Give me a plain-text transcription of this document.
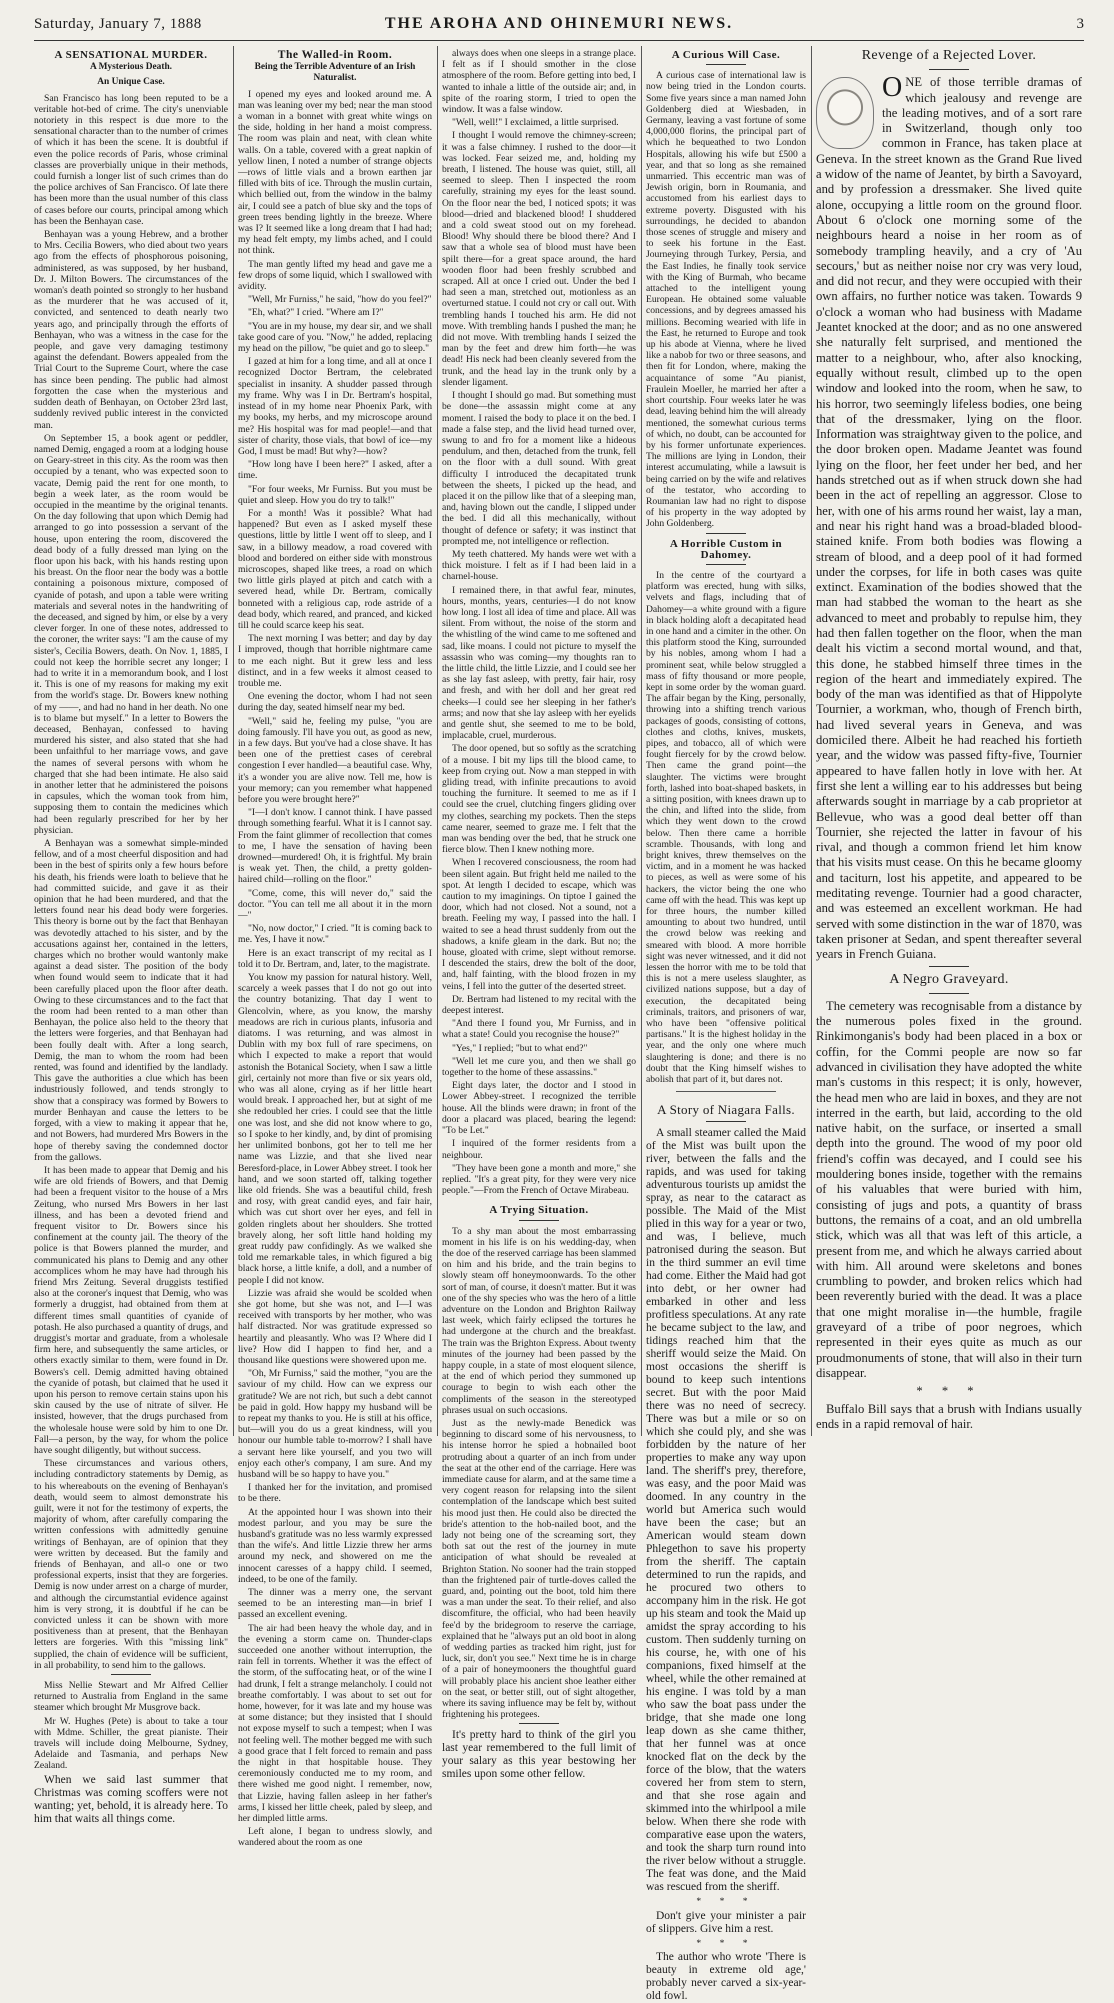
Saturday, January 7, 1888	THE AROHA AND OHINEMURI NEWS.	3
A SENSATIONAL MURDER.
A Mysterious Death.
An Unique Case.

San Francisco has long been reputed to be a veritable hot-bed of crime. The city's unenviable notoriety in this respect is due more to the sensational character than to the number of crimes of which it has been the scene. It is doubtful if even the police records of Paris, whose criminal classes are proverbially unique in their methods, could furnish a longer list of such crimes than do the police archives of San Francisco. Of late there has been more than the usual number of this class of cases before our courts, principal among which has been the Benhayan case.

Benhayan was a young Hebrew, and a brother to Mrs. Cecilia Bowers, who died about two years ago from the effects of phosphorous poisoning, administered, as was supposed, by her husband, Dr. J. Milton Bowers. The circumstances of the woman's death pointed so strongly to her husband as the murderer that he was accused of it, convicted, and sentenced to death nearly two years ago, and principally through the efforts of Benhayan, who was a witness in the case for the people, and gave very damaging testimony against the defendant. Bowers appealed from the Trial Court to the Supreme Court, where the case has since been pending. The public had almost forgotten the case when the mysterious and sudden death of Benhayan, on October 23rd last, suddenly revived public interest in the convicted man.

On September 15, a book agent or peddler, named Demig, engaged a room at a lodging house on Geary-street in this city. As the room was then occupied by a tenant, who was expected soon to vacate, Demig paid the rent for one month, to begin a week later, as the room would be occupied in the meantime by the original tenants. On the day following that upon which Demig had arranged to go into possession a servant of the house, upon entering the room, discovered the dead body of a fully dressed man lying on the floor upon his back, with his hands resting upon his breast. On the floor near the body was a bottle containing a poisonous mixture, composed of cyanide of potash, and upon a table were writing materials and several notes in the handwriting of the deceased, and signed by him, or else by a very clever forger. In one of these notes, addressed to the coroner, the writer says: "I am the cause of my sister's, Cecilia Bowers, death. On Nov. 1, 1885, I could not keep the horrible secret any longer; I had to write it in a memorandum book, and I lost it. This is one of my reasons for making my exit from the world's stage. Dr. Bowers knew nothing of my ——, and had no hand in her death. No one is to blame but myself." In a letter to Bowers the deceased, Benhayan, confessed to having murdered his sister, and also stated that she had been unfaithful to her marriage vows, and gave the names of several persons with whom he charged that she had been intimate. He also said in another letter that he administered the poisons in capsules, which the woman took from him, supposing them to contain the medicines which had been regularly prescribed for her by her physician.

A Benhayan was a somewhat simple-minded fellow, and of a most cheerful disposition and had been in the best of spirits only a few hours before his death, his friends were loath to believe that he had committed suicide, and gave it as their opinion that he had been murdered, and that the letters found near his dead body were forgeries. This theory is borne out by the fact that Benhayan was devotedly attached to his sister, and by the accusations against her, contained in the letters, charges which no brother would wantonly make against a dead sister. The position of the body when found would seem to indicate that it had been carefully placed upon the floor after death. Owing to these circumstances and to the fact that the room had been rented to a man other than Benhayan, the police also held to the theory that the letters were forgeries, and that Benhayan had been foully dealt with. After a long search, Demig, the man to whom the room had been rented, was found and identified by the landlady. This gave the authorities a clue which has been industriously followed, and tends strongly to show that a conspiracy was formed by Bowers to murder Benhayan and cause the letters to be forged, with a view to making it appear that he, and not Bowers, had murdered Mrs Bowers in the hope of thereby saving the condemned doctor from the gallows.

It has been made to appear that Demig and his wife are old friends of Bowers, and that Demig had been a frequent visitor to the house of a Mrs Zeitung, who nursed Mrs Bowers in her last illness, and has been a devoted friend and frequent visitor to Dr. Bowers since his confinement at the county jail. The theory of the police is that Bowers planned the murder, and communicated his plans to Demig and any other accomplices whom he may have had through his friend Mrs Zeitung. Several druggists testified also at the coroner's inquest that Demig, who was formerly a druggist, had obtained from them at different times small quantities of cyanide of potash. He also purchased a quantity of drugs, and druggist's mortar and graduate, from a wholesale firm here, and subsequently the same articles, or others exactly similar to them, were found in Dr. Bowers's cell. Demig admitted having obtained the cyanide of potash, but claimed that he used it upon his person to remove certain stains upon his skin caused by the use of nitrate of silver. He insisted, however, that the drugs purchased from the wholesale house were sold by him to one Dr. Fall—a person, by the way, for whom the police have sought diligently, but without success.

These circumstances and various others, including contradictory statements by Demig, as to his whereabouts on the evening of Benhayan's death, would seem to almost demonstrate his guilt, were it not for the testimony of experts, the majority of whom, after carefully comparing the written confessions with admittedly genuine writings of Benhayan, are of opinion that they were written by deceased. But the family and friends of Benhayan, and all-o one or two professional experts, insist that they are forgeries. Demig is now under arrest on a charge of murder, and although the circumstantial evidence against him is very strong, it is doubtful if he can be convicted unless it can be shown with more positiveness than at present, that the Benhayan letters are forgeries. With this "missing link" supplied, the chain of evidence will be sufficient, in all probability, to send him to the gallows.

Miss Nellie Stewart and Mr Alfred Cellier returned to Australia from England in the same steamer which brought Mr Musgrove back.

Mr W. Hughes (Pete) is about to take a tour with Mdme. Schiller, the great pianiste. Their travels will include doing Melbourne, Sydney, Adelaide and Tasmania, and perhaps New Zealand.

When we said last summer that Christmas was coming scoffers were not wanting; yet, behold, it is already here. To him that waits all things come.

The Walled-in Room.
Being the Terrible Adventure of an Irish Naturalist.

I opened my eyes and looked around me. A man was leaning over my bed; near the man stood a woman in a bonnet with great white wings on the side, holding in her hand a moist compress. The room was plain and neat, with clean white walls. On a table, covered with a great napkin of yellow linen, I noted a number of strange objects—rows of little vials and a brown earthen jar filled with bits of ice. Through the muslin curtain, which bellied out, from the window in the balmy air, I could see a patch of blue sky and the tops of green trees bending lightly in the breeze. Where was I? It seemed like a long dream that I had had; my head felt empty, my limbs ached, and I could not think.

The man gently lifted my head and gave me a few drops of some liquid, which I swallowed with avidity.

"Well, Mr Furniss," he said, "how do you feel?"

"Eh, what?" I cried. "Where am I?"

"You are in my house, my dear sir, and we shall take good care of you. "Now," he added, replacing my head on the pillow, "be quiet and go to sleep."

I gazed at him for a long time, and all at once I recognized Doctor Bertram, the celebrated specialist in insanity. A shudder passed through my frame. Why was I in Dr. Bertram's hospital, instead of in my home near Phoenix Park, with my books, my herbs, and my microscope around me? His hospital was for mad people!—and that sister of charity, those vials, that bowl of ice—my God, I must be mad! But why?—how?

"How long have I been here?" I asked, after a time.

"For four weeks, Mr Furniss. But you must be quiet and sleep. How you do try to talk!"

For a month! Was it possible? What had happened? But even as I asked myself these questions, little by little I went off to sleep, and I saw, in a billowy meadow, a road covered with blood and bordered on either side with monstrous microscopes, shaped like trees, a road on which two little girls played at pitch and catch with a severed head, while Dr. Bertram, comically bonneted with a religious cap, rode astride of a dead body, which reared, and pranced, and kicked till he could scarce keep his seat.

The next morning I was better; and day by day I improved, though that horrible nightmare came to me each night. But it grew less and less distinct, and in a few weeks it almost ceased to trouble me.

One evening the doctor, whom I had not seen during the day, seated himself near my bed.

"Well," said he, feeling my pulse, "you are doing famously. I'll have you out, as good as new, in a few days. But you've had a close shave. It has been one of the prettiest cases of cerebral congestion I ever handled—a beautiful case. Why, it's a wonder you are alive now. Tell me, how is your memory; can you remember what happened before you were brought here?"

"I—I don't know. I cannot think. I have passed through something fearful. What it is I cannot say. From the faint glimmer of recollection that comes to me, I have the sensation of having been drowned—murdered! Oh, it is frightful. My brain is weak yet. Then, the child, a pretty golden-haired child—rolling on the floor."

"Come, come, this will never do," said the doctor. "You can tell me all about it in the morn—"

"No, now doctor," I cried. "It is coming back to me. Yes, I have it now."

Here is an exact transcript of my recital as I told it to Dr. Bertram, and, later, to the magistrate.

You know my passion for natural history. Well, scarcely a week passes that I do not go out into the country botanizing. That day I went to Glencolvin, where, as you know, the marshy meadows are rich in curious plants, infusoria and diatoms. I was returning, and was almost in Dublin with my box full of rare specimens, on which I expected to make a report that would astonish the Botanical Society, when I saw a little girl, certainly not more than five or six years old, who was all alone, crying as if her little heart would break. I approached her, but at sight of me she redoubled her cries. I could see that the little one was lost, and she did not know where to go, so I spoke to her kindly, and, by dint of promising her unlimited bonbons, got her to tell me her name was Lizzie, and that she lived near Beresford-place, in Lower Abbey street. I took her hand, and we soon started off, talking together like old friends. She was a beautiful child, fresh and rosy, with great candid eyes, and fair hair, which was cut short over her eyes, and fell in golden ringlets about her shoulders. She trotted bravely along, her soft little hand holding my great ruddy paw confidingly. As we walked she told me remarkable tales, in which figured a big black horse, a little knife, a doll, and a number of people I did not know.

Lizzie was afraid she would be scolded when she got home, but she was not, and I—I was received with transports by her mother, who was half distracted. Nor was gratitude expressed so heartily and pleasantly. Who was I? Where did I live? How did I happen to find her, and a thousand like questions were showered upon me.

"Oh, Mr Furniss," said the mother, "you are the saviour of my child. How can we express our gratitude? We are not rich, but such a debt cannot be paid in gold. How happy my husband will be to repeat my thanks to you. He is still at his office, but—will you do us a great kindness, will you honour our humble table to-morrow? I shall have a servant here like yourself, and you two will enjoy each other's company, I am sure. And my husband will be so happy to have you."

I thanked her for the invitation, and promised to be there.

At the appointed hour I was shown into their modest parlour, and you may be sure the husband's gratitude was no less warmly expressed than the wife's. And little Lizzie threw her arms around my neck, and showered on me the innocent caresses of a happy child. I seemed, indeed, to be one of the family.

The dinner was a merry one, the servant seemed to be an interesting man—in brief I passed an excellent evening.

The air had been heavy the whole day, and in the evening a storm came on. Thunder-claps succeeded one another without interruption, the rain fell in torrents. Whether it was the effect of the storm, of the suffocating heat, or of the wine I had drunk, I felt a strange melancholy. I could not breathe comfortably. I was about to set out for home, however, for it was late and my house was at some distance; but they insisted that I should not expose myself to such a tempest; when I was not feeling well. The mother begged me with such a good grace that I felt forced to remain and pass the night in that hospitable house. They ceremoniously conducted me to my room, and there wished me good night. I remember, now, that Lizzie, having fallen asleep in her father's arms, I kissed her little cheek, paled by sleep, and her dimpled little arms.

Left alone, I began to undress slowly, and wandered about the room as one

always does when one sleeps in a strange place. I felt as if I should smother in the close atmosphere of the room. Before getting into bed, I wanted to inhale a little of the outside air; and, in spite of the roaring storm, I tried to open the window. It was a false window.

"Well, well!" I exclaimed, a little surprised.

I thought I would remove the chimney-screen; it was a false chimney. I rushed to the door—it was locked. Fear seized me, and, holding my breath, I listened. The house was quiet, still, all seemed to sleep. Then I inspected the room carefully, straining my eyes for the least sound. On the floor near the bed, I noticed spots; it was blood—dried and blackened blood! I shuddered and a cold sweat stood out on my forehead. Blood! Why should there be blood there? And I saw that a whole sea of blood must have been spilt there—for a great space around, the hard wooden floor had been freshly scrubbed and scraped. All at once I cried out. Under the bed I had seen a man, stretched out, motionless as an overturned statue. I could not cry or call out. With trembling hands I touched his arm. He did not move. With trembling hands I pushed the man; he did not move. With trembling hands I seized the man by the feet and drew him forth—he was dead! His neck had been cleanly severed from the trunk, and the head lay in the trunk only by a slender ligament.

I thought I should go mad. But something must be done—the assassin might come at any moment. I raised the body to place it on the bed. I made a false step, and the livid head turned over, swung to and fro for a moment like a hideous pendulum, and then, detached from the trunk, fell on the floor with a dull sound. With great difficulty I introduced the decapitated trunk between the sheets, I picked up the head, and placed it on the pillow like that of a sleeping man, and, having blown out the candle, I slipped under the bed. I did all this mechanically, without thought of defence or safety; it was instinct that prompted me, not intelligence or reflection.

My teeth chattered. My hands were wet with a thick moisture. I felt as if I had been laid in a charnel-house.

I remained there, in that awful fear, minutes, hours, months, years, centuries—I do not know how long. I lost all idea of time and place. All was silent. From without, the noise of the storm and the whistling of the wind came to me softened and sad, like moans. I could not picture to myself the assassin who was coming—my thoughts ran to the little child, the little Lizzie, and I could see her as she lay fast asleep, with pretty, fair hair, rosy and fresh, and with her doll and her great red cheeks—I could see her sleeping in her father's arms; and now that she lay asleep with her eyelids and gentle shut, she seemed to me to be bold, implacable, cruel, murderous.

The door opened, but so softly as the scratching of a mouse. I bit my lips till the blood came, to keep from crying out. Now a man stepped in with gliding tread, with infinite precautions to avoid touching the furniture. It seemed to me as if I could see the cruel, clutching fingers gliding over my clothes, searching my pockets. Then the steps came nearer, seemed to graze me. I felt that the man was bending over the bed, that he struck one fierce blow. Then I knew nothing more.

When I recovered consciousness, the room had been silent again. But fright held me nailed to the spot. At length I decided to escape, which was caution to my imaginings. On tiptoe I gained the door, which had not closed. Not a sound, not a breath. Feeling my way, I passed into the hall. I waited to see a head thrust suddenly from out the shadows, a knife gleam in the dark. But no; the house, gloated with crime, slept without remorse. I descended the stairs, drew the bolt of the door, and, half fainting, with the blood frozen in my veins, I fell into the gutter of the deserted street.

Dr. Bertram had listened to my recital with the deepest interest.

"And there I found you, Mr Furniss, and in what a state! Could you recognise the house?"

"Yes," I replied; "but to what end?"

"Well let me cure you, and then we shall go together to the home of these assassins."

Eight days later, the doctor and I stood in Lower Abbey-street. I recognized the terrible house. All the blinds were drawn; in front of the door a placard was placed, bearing the legend: "To be Let."

I inquired of the former residents from a neighbour.

"They have been gone a month and more," she replied. "It's a great pity, for they were very nice people."—From the French of Octave Mirabeau.

A Trying Situation.

To a shy man about the most embarrassing moment in his life is on his wedding-day, when the doe of the reserved carriage has been slammed on him and his bride, and the train begins to slowly steam off honeymoonwards. To the other sort of man, of course, it doesn't matter. But it was one of the shy species who was the hero of a little adventure on the London and Brighton Railway last week, which fairly eclipsed the tortures he had undergone at the church and the breakfast. The train was the Brighton Express. About twenty minutes of the journey had been passed by the happy couple, in a state of most eloquent silence, at the end of which period they summoned up courage to begin to wish each other the compliments of the season in the stereotyped phrases usual on such occasions.

Just as the newly-made Benedick was beginning to discard some of his nervousness, to his intense horror he spied a hobnailed boot protruding about a quarter of an inch from under the seat at the other end of the carriage. Here was immediate cause for alarm, and at the same time a very cogent reason for relapsing into the silent contemplation of the landscape which best suited his mood just then. He could also be directed the bride's attention to the hob-nailed boot, and the lady not being one of the screaming sort, they both sat out the rest of the journey in mute anticipation of what should be revealed at Brighton Station. No sooner had the train stopped than the frightened pair of turtle-doves called the guard, and, pointing out the boot, told him there was a man under the seat. To their relief, and also discomfiture, the official, who had been heavily fee'd by the bridegroom to reserve the carriage, explained that he "always put an old boot in along of wedding parties as tracked him right, just for luck, sir, don't you see." Next time he is in charge of a pair of honeymooners the thoughtful guard will probably place his ancient shoe leather either on the seat, or better still, out of sight altogether, where its saving influence may be felt by, without frightening his protegees.

It's pretty hard to think of the girl you last year remembered to the full limit of your salary as this year bestowing her smiles upon some other fellow.

A Curious Will Case.

A curious case of international law is now being tried in the London courts. Some five years since a man named John Goldenberg died at Wiesbaden, in Germany, leaving a vast fortune of some 4,000,000 florins, the principal part of which he bequeathed to two London Hospitals, allowing his wife but £500 a year, and that so long as she remained unmarried. This eccentric man was of Jewish origin, born in Roumania, and accustomed from his earliest days to extreme poverty. Disgusted with his surroundings, he decided to abandon those scenes of struggle and misery and to seek his fortune in the East. Journeying through Turkey, Persia, and the East Indies, he finally took service with the King of Burmah, who became attached to the intelligent young European. He obtained some valuable concessions, and by degrees amassed his millions. Becoming wearied with life in the East, he returned to Europe and took up his abode at Vienna, where he lived like a nabob for two or three seasons, and then fit for London, where, making the acquaintance of some "Au pianist, Fraulein Moeller, he married her after a short courtship. Four weeks later he was dead, leaving behind him the will already mentioned, the somewhat curious terms of which, no doubt, can be accounted for by his former unfortunate experiences. The millions are lying in London, their interest accumulating, while a lawsuit is being carried on by the wife and relatives of the testator, who according to Roumanian law had no right to dispose of his property in the way adopted by John Goldenberg.

A Horrible Custom in Dahomey.

In the centre of the courtyard a platform was erected, hung with silks, velvets and flags, including that of Dahomey—a white ground with a figure in black holding aloft a decapitated head in one hand and a cimiter in the other. On this platform stood the King, surrounded by his nobles, among whom I had a prominent seat, while below struggled a mass of fifty thousand or more people, kept in some order by the woman guard. The affair began by the King, personally, throwing into a shifting trench various packages of goods, consisting of cottons, clothes and cloths, knives, muskets, pipes, and tobacco, all of which were fought fiercely for by the crowd below. Then came the grand point—the slaughter. The victims were brought forth, lashed into boat-shaped baskets, in a sitting position, with knees drawn up to the chin, and lifted into the slide, from which they went down to the crowd below. Then there came a horrible scramble. Thousands, with long and bright knives, threw themselves on the victim, and in a moment he was hacked to pieces, as well as were some of his hackers, the victor being the one who came off with the head. This was kept up for three hours, the number killed amounting to about two hundred, until the crowd below was reeking and smeared with blood. A more horrible sight was never witnessed, and it did not lessen the horror with me to be told that this is not a mere useless slaughter, as civilized nations suppose, but a day of execution, the decapitated being criminals, traitors, and prisoners of war, who have been "offensive political partisans." It is the highest holiday in the year, and the only one where much slaughtering is done; and there is no doubt that the King himself wishes to abolish that part of it, but dares not.

A Story of Niagara Falls.

A small steamer called the Maid of the Mist was built upon the river, between the falls and the rapids, and was used for taking adventurous tourists up amidst the spray, as near to the cataract as possible. The Maid of the Mist plied in this way for a year or two, and was, I believe, much patronised during the season. But in the third summer an evil time had come. Either the Maid had got into debt, or her owner had embarked in other and less profitless speculations. At any rate he became subject to the law, and tidings reached him that the sheriff would seize the Maid. On most occasions the sheriff is bound to keep such intentions secret. But with the poor Maid there was no need of secrecy. There was but a mile or so on which she could ply, and she was forbidden by the nature of her properties to make any way upon land. The sheriff's prey, therefore, was easy, and the poor Maid was doomed. In any country in the world but America such would have been the case; but an American would steam down Phlegethon to save his property from the sheriff. The captain determined to run the rapids, and he procured two others to accompany him in the risk. He got up his steam and took the Maid up amidst the spray according to his custom. Then suddenly turning on his course, he, with one of his companions, fixed himself at the wheel, while the other remained at his engine. I was told by a man who saw the boat pass under the bridge, that she made one long leap down as she came thither, that her funnel was at once knocked flat on the deck by the force of the blow, that the waters covered her from stem to stern, and that she rose again and skimmed into the whirlpool a mile below. When there she rode with comparative ease upon the waters, and took the sharp turn round into the river below without a struggle. The feat was done, and the Maid was rescued from the sheriff.

* * *

Don't give your minister a pair of slippers. Give him a rest.

* * *

The author who wrote 'There is beauty in extreme old age,' probably never carved a six-year-old fowl.

Revenge of a Rejected Lover.

ONE of those terrible dramas of which jealousy and revenge are the leading motives, and of a sort rare in Switzerland, though only too common in France, has taken place at Geneva. In the street known as the Grand Rue lived a widow of the name of Jeantet, by birth a Savoyard, and by profession a dressmaker. She lived quite alone, occupying a little room on the ground floor. About 6 o'clock one morning some of the neighbours heard a noise in her room as of somebody trampling heavily, and a cry of 'Au secours,' but as neither noise nor cry was very loud, and did not recur, and they were occupied with their own affairs, no further notice was taken. Towards 9 o'clock a woman who had business with Madame Jeantet knocked at the door; and as no one answered she naturally felt surprised, and mentioned the matter to a neighbour, who, after also knocking, equally without result, climbed up to the open window and looked into the room, when he saw, to his horror, two seemingly lifeless bodies, one being that of the dressmaker, lying on the floor. Information was straightway given to the police, and the door broken open. Madame Jeantet was found lying on the floor, her feet under her bed, and her hands stretched out as if when struck down she had been in the act of repelling an aggressor. Close to her, with one of his arms round her waist, lay a man, and near his right hand was a broad-bladed blood-stained knife. From both bodies was flowing a stream of blood, and a deep pool of it had formed under the corpses, for life in both cases was quite extinct. Examination of the bodies showed that the man had stabbed the woman to the heart as she advanced to meet and probably to repulse him, they had then fallen together on the floor, when the man dealt his victim a second mortal wound, and that, this done, he stabbed himself three times in the region of the heart and immediately expired. The body of the man was identified as that of Hippolyte Tournier, a workman, who, though of French birth, had lived several years in Geneva, and was domiciled there. Albeit he had reached his fortieth year, and the widow was passed fifty-five, Tournier appeared to have fallen hotly in love with her. At first she lent a willing ear to his addresses but being afterwards sought in marriage by a cab proprietor at Bellevue, who was a good deal better off than Tournier, she rejected the latter in favour of his rival, and though a common friend let him know that his visits must cease. On this he became gloomy and taciturn, lost his appetite, and appeared to be meditating revenge. Tournier had a good character, and was esteemed an excellent workman. He had served with some distinction in the war of 1870, was taken prisoner at Sedan, and spent thereafter several years in French Guiana.

A Negro Graveyard.

The cemetery was recognisable from a distance by the numerous poles fixed in the ground. Rinkimonganis's body had been placed in a box or coffin, for the Commi people are now so far advanced in civilisation they have adopted the white man's customs in this respect; it is only, however, the head men who are laid in boxes, and they are not interred in the earth, but laid, according to the old native habit, on the surface, or inserted a small depth into the ground. The wood of my poor old friend's coffin was decayed, and I could see his mouldering bones inside, together with the remains of his valuables that were buried with him, consisting of jugs and pots, a quantity of brass buttons, the remains of a coat, and an old umbrella stick, which was all that was left of this article, a present from me, and which he always carried about with him. All around were skeletons and bones crumbling to powder, and broken relics which had been reverently buried with the dead. It was a place that one might moralise in—the humble, fragile graveyard of a tribe of poor negroes, which represented in their eyes quite as much as our proudmonuments of stone, that will also in their turn disappear.

* * *

Buffalo Bill says that a brush with Indians usually ends in a rapid removal of hair.
